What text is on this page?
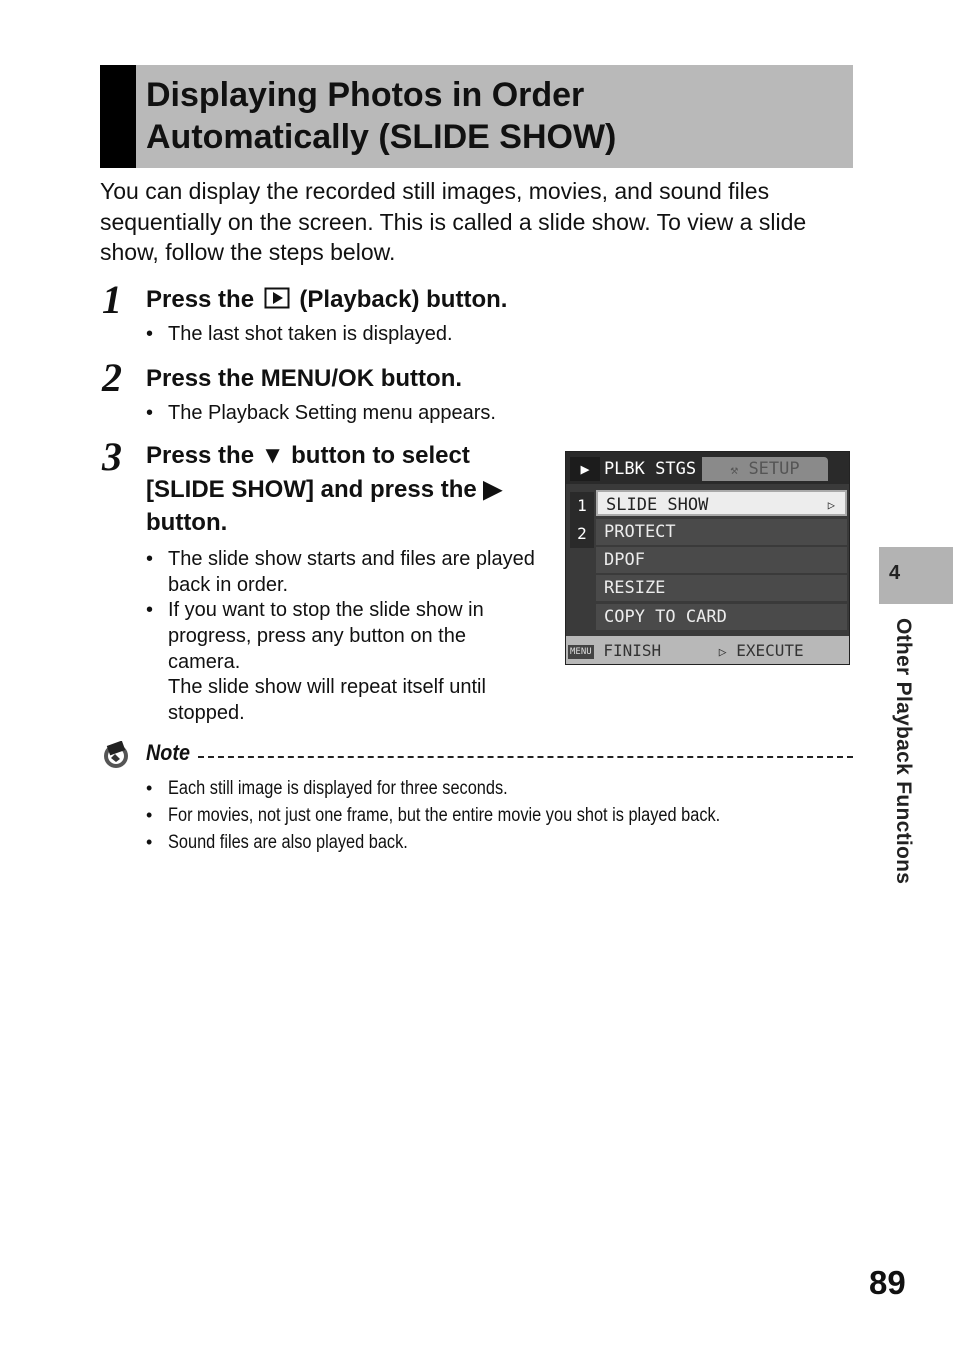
Displaying Photos in Order
Automatically (SLIDE SHOW)
You can display the recorded still images, movies, and sound files sequentially on the screen. This is called a slide show. To view a slide show, follow the steps below.
1 Press the (Playback) button.
• The last shot taken is displayed.
2 Press the MENU/OK button.
• The Playback Setting menu appears.
3 Press the ▼ button to select
[SLIDE SHOW] and press the ▶
button.
• The slide show starts and files are played back in order.
• If you want to stop the slide show in progress, press any button on the camera.
The slide show will repeat itself until stopped.
▶ PLBK STGS	⚒ SETUP
1
2
SLIDE SHOW	▷
PROTECT
DPOF
RESIZE
COPY TO CARD
MENU FINISH	▷ EXECUTE
4
Other Playback Functions
Note
• Each still image is displayed for three seconds.
• For movies, not just one frame, but the entire movie you shot is played back.
• Sound files are also played back.
89
